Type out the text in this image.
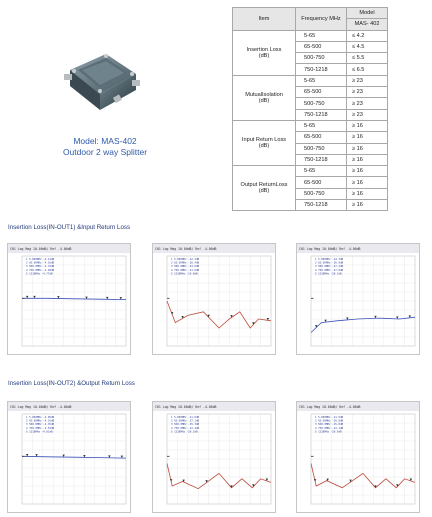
Model: MAS-402
Outdoor 2 way Splitter
Item	Frequency MHz	Model
		MAS- 402

Insertion Loss
(dB)	5-65	≤ 4.2
	65-500	≤ 4.5
	500-750	≤ 5.5
	750-1218	≤ 6.5

MutualIsolation
(dB)	5-65	≥ 23
	65-500	≥ 23
	500-750	≥ 23
	750-1218	≥ 23

Input Return Loss
(dB)	5-65	≥ 16
	65-500	≥ 16
	500-750	≥ 16
	750-1218	≥ 16

Output ReturnLoss
(dB)	5-65	≥ 16
	65-500	≥ 16
	500-750	≥ 16
	750-1218	≥ 16
Insertion Loss(IN-OUT1) &Input Return Loss
Insertion Loss(IN-OUT2) &Output Return Loss
CH1 Log Mag 10.00dB/ Ref -4.00dB
1 5.000MHz -4.12dB
2 65.00MHz -4.18dB
3 500.0MHz -4.31dB
4 750.0MHz -4.48dB
5 1218MHz -4.77dB
CH1 Log Mag 10.00dB/ Ref -4.00dB
1 5.000MHz -22.1dB
2 65.00MHz -28.4dB
3 500.0MHz -24.6dB
4 750.0MHz -21.9dB
5 1218MHz -19.8dB
CH1 Log Mag 10.00dB/ Ref -4.00dB
1 5.000MHz -24.3dB
2 65.00MHz -26.9dB
3 500.0MHz -27.2dB
4 750.0MHz -27.8dB
5 1218MHz -28.1dB
CH1 Log Mag 10.00dB/ Ref -4.00dB
1 5.000MHz -4.09dB
2 65.00MHz -4.16dB
3 500.0MHz -4.35dB
4 750.0MHz -4.52dB
5 1218MHz -4.81dB
CH1 Log Mag 10.00dB/ Ref -4.00dB
1 5.000MHz -21.6dB
2 65.00MHz -27.1dB
3 500.0MHz -25.3dB
4 750.0MHz -22.4dB
5 1218MHz -20.2dB
CH1 Log Mag 10.00dB/ Ref -4.00dB
1 5.000MHz -21.9dB
2 65.00MHz -26.8dB
3 500.0MHz -25.0dB
4 750.0MHz -22.1dB
5 1218MHz -20.5dB
